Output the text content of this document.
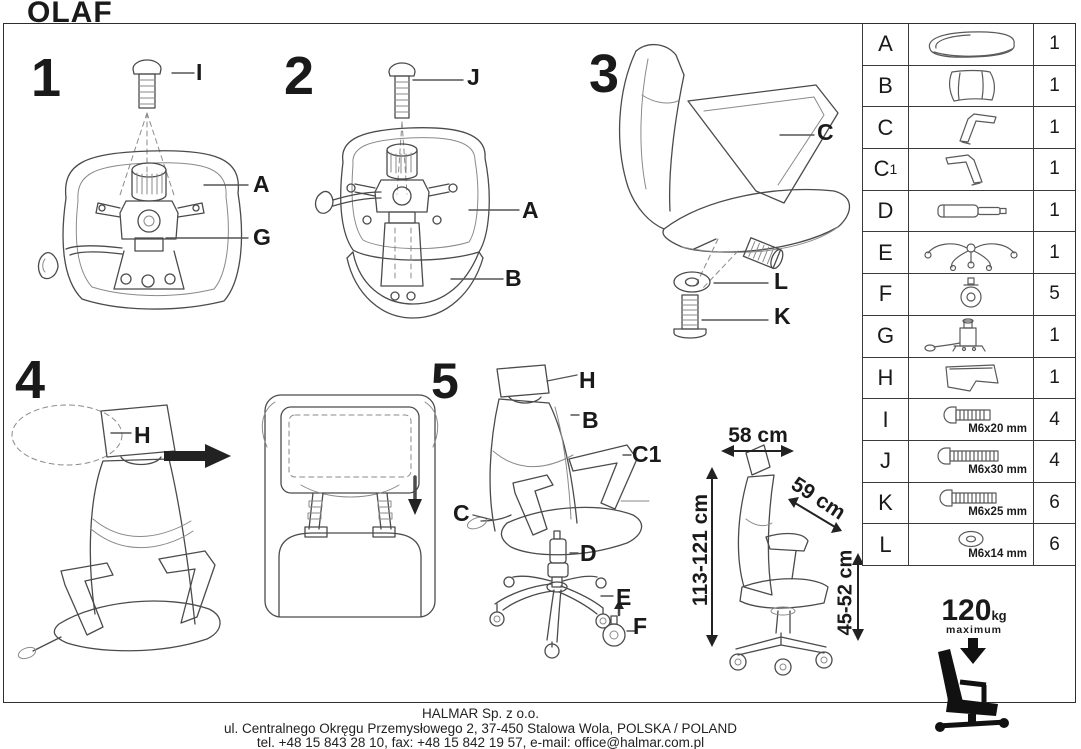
OLAF
1	I
A
G
2	J
A
B
3
C
L
K
4
H
5	H
B
C1
C
D
E
F
58 cm
59 cm
113-121 cm	45-52 cm
A	1
B	1
C	1
C 1	1
D	1
E	1
F	5
G	1
H	1
I	M6x20 mm	4
J	M6x30 mm	4
K	M6x25 mm	6
L	M6x14 mm	6
120kg
maximum
HALMAR Sp. z o.o.
ul. Centralnego Okręgu Przemysłowego 2, 37-450 Stalowa Wola, POLSKA / POLAND
tel. +48 15 843 28 10, fax: +48 15 842 19 57, e-mail: office@halmar.com.pl
